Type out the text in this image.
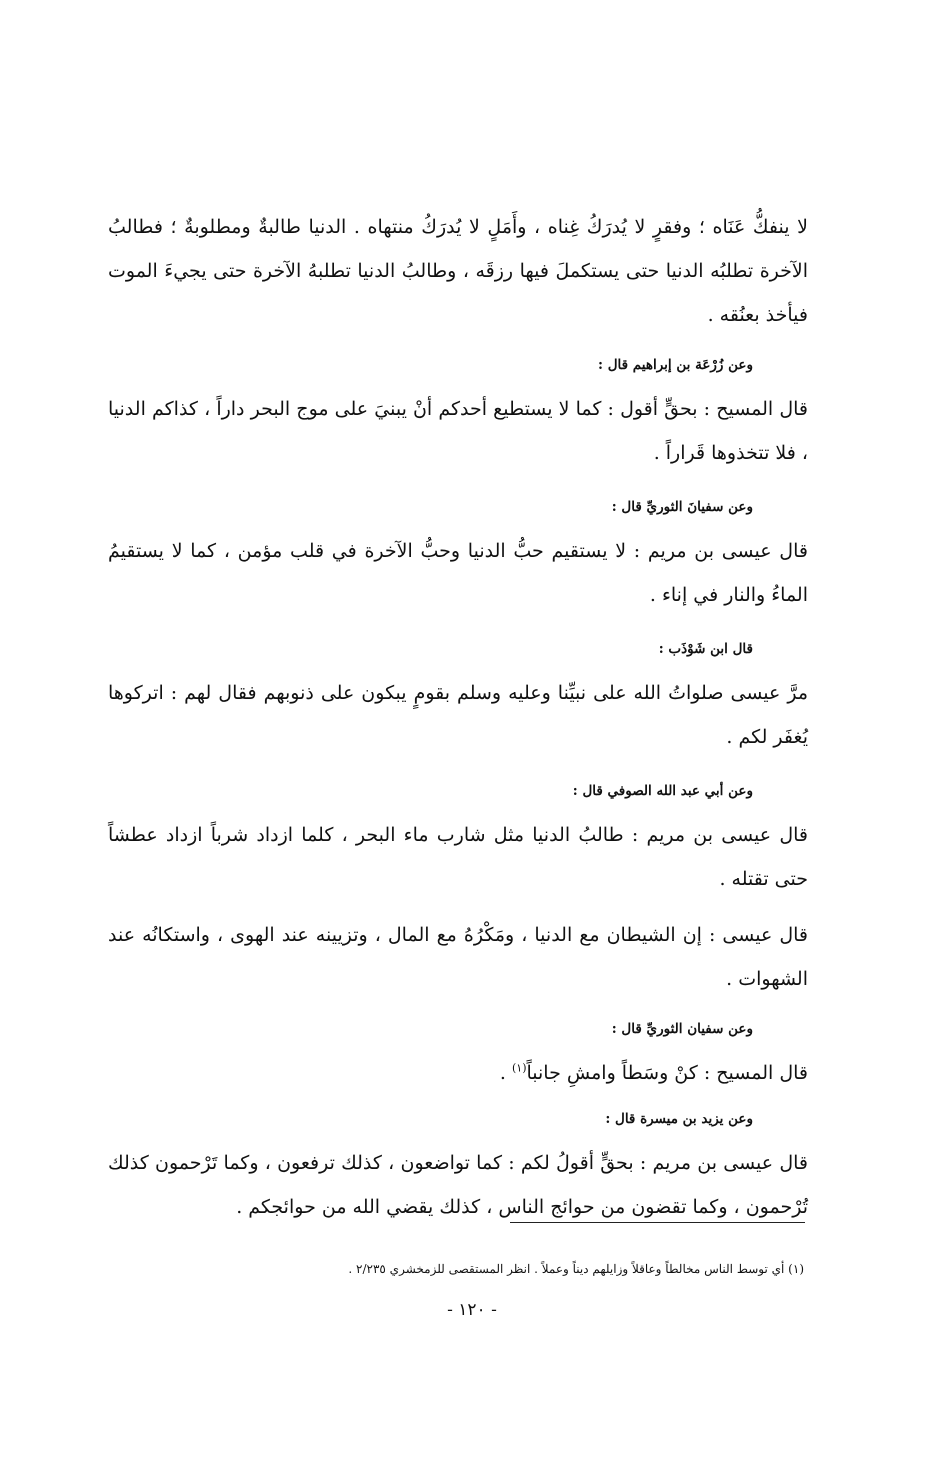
لا ينفكُّ عَنَاه ؛ وفقرٍ لا يُدرَكُ غِناه ، وأَمَلٍ لا يُدرَكُ منتهاه . الدنيا طالبةٌ ومطلوبةٌ ؛ فطالبُ الآخرة تطلبُه الدنيا حتى يستكملَ فيها رزقَه ، وطالبُ الدنيا تطلبهُ الآخرة حتى يجيءَ الموت فيأخذ بعنُقه .

وعن زُرْعَة بن إبراهيم قال :

قال المسيح : بحقٍّ أقول : كما لا يستطيع أحدكم أنْ يبنيَ على موج البحر داراً ، كذاكم الدنيا ، فلا تتخذوها قَراراً .

وعن سفيانَ الثوريِّ قال :

قال عيسى بن مريم : لا يستقيم حبُّ الدنيا وحبُّ الآخرة في قلب مؤمن ، كما لا يستقيمُ الماءُ والنار في إناء .

قال ابن شَوْذَب :

مرَّ عيسى صلواتُ الله على نبيِّنا وعليه وسلم بقومٍ يبكون على ذنوبهم فقال لهم : اتركوها يُغفَر لكم .

وعن أبي عبد الله الصوفي قال :

قال عيسى بن مريم : طالبُ الدنيا مثل شارب ماء البحر ، كلما ازداد شرباً ازداد عطشاً حتى تقتله .

قال عيسى : إن الشيطان مع الدنيا ، ومَكْرُهُ مع المال ، وتزيينه عند الهوى ، واستكانُه عند الشهوات .

وعن سفيان الثوريِّ قال :

قال المسيح : كنْ وسَطاً وامشِ جانباً$^{(١)}$ .

وعن يزيد بن ميسرة قال :

قال عيسى بن مريم : بحقٍّ أقولُ لكم : كما تواضعون ، كذلك ترفعون ، وكما تَرْحمون كذلك تُرْحمون ، وكما تقضون من حوائج الناس ، كذلك يقضي الله من حوائجكم .

(١) أي توسط الناس مخالطاً وعاقلاً وزايلهم ديناً وعملاً . انظر المستقصى للزمخشري ٢/٢٣٥ .

- ١٢٠ -
